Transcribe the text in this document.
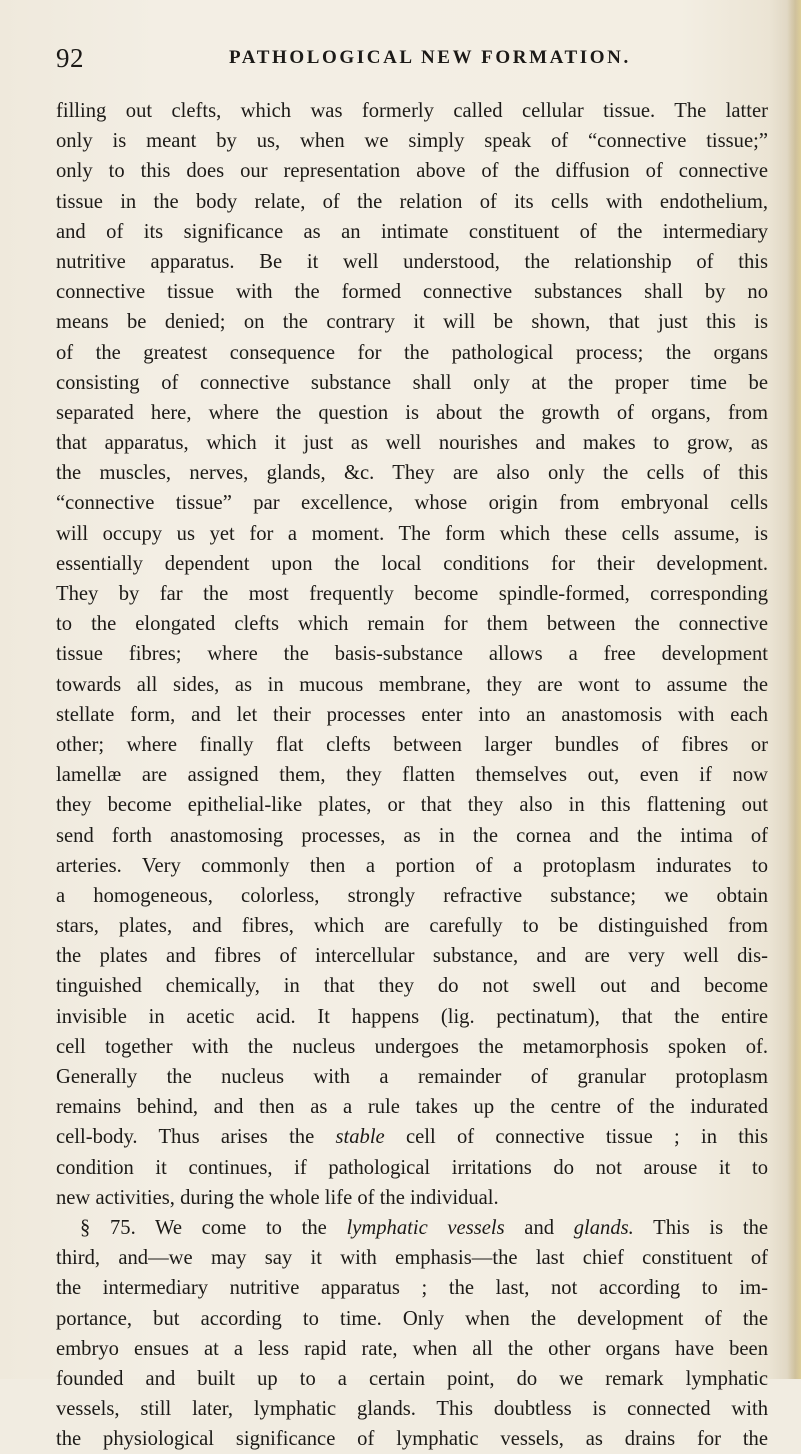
92	PATHOLOGICAL NEW FORMATION.
filling out clefts, which was formerly called cellular tissue. The latter
only is meant by us, when we simply speak of “connective tissue;”
only to this does our representation above of the diffusion of connective
tissue in the body relate, of the relation of its cells with endothelium,
and of its significance as an intimate constituent of the intermediary
nutritive apparatus. Be it well understood, the relationship of this
connective tissue with the formed connective substances shall by no
means be denied; on the contrary it will be shown, that just this is
of the greatest consequence for the pathological process; the organs
consisting of connective substance shall only at the proper time be
separated here, where the question is about the growth of organs, from
that apparatus, which it just as well nourishes and makes to grow, as
the muscles, nerves, glands, &c. They are also only the cells of this
“connective tissue” par excellence, whose origin from embryonal cells
will occupy us yet for a moment. The form which these cells assume, is
essentially dependent upon the local conditions for their development.
They by far the most frequently become spindle-formed, corresponding
to the elongated clefts which remain for them between the connective
tissue fibres; where the basis-substance allows a free development
towards all sides, as in mucous membrane, they are wont to assume the
stellate form, and let their processes enter into an anastomosis with each
other; where finally flat clefts between larger bundles of fibres or
lamellæ are assigned them, they flatten themselves out, even if now
they become epithelial-like plates, or that they also in this flattening out
send forth anastomosing processes, as in the cornea and the intima of
arteries. Very commonly then a portion of a protoplasm indurates to
a homogeneous, colorless, strongly refractive substance; we obtain
stars, plates, and fibres, which are carefully to be distinguished from
the plates and fibres of intercellular substance, and are very well dis-
tinguished chemically, in that they do not swell out and become
invisible in acetic acid. It happens (lig. pectinatum), that the entire
cell together with the nucleus undergoes the metamorphosis spoken of.
Generally the nucleus with a remainder of granular protoplasm
remains behind, and then as a rule takes up the centre of the indurated
cell-body. Thus arises the stable cell of connective tissue ; in this
condition it continues, if pathological irritations do not arouse it to
new activities, during the whole life of the individual.
§ 75. We come to the lymphatic vessels and glands. This is the
third, and—we may say it with emphasis—the last chief constituent of
the intermediary nutritive apparatus ; the last, not according to im-
portance, but according to time. Only when the development of the
embryo ensues at a less rapid rate, when all the other organs have been
founded and built up to a certain point, do we remark lymphatic
vessels, still later, lymphatic glands. This doubtless is connected with
the physiological significance of lymphatic vessels, as drains for the
